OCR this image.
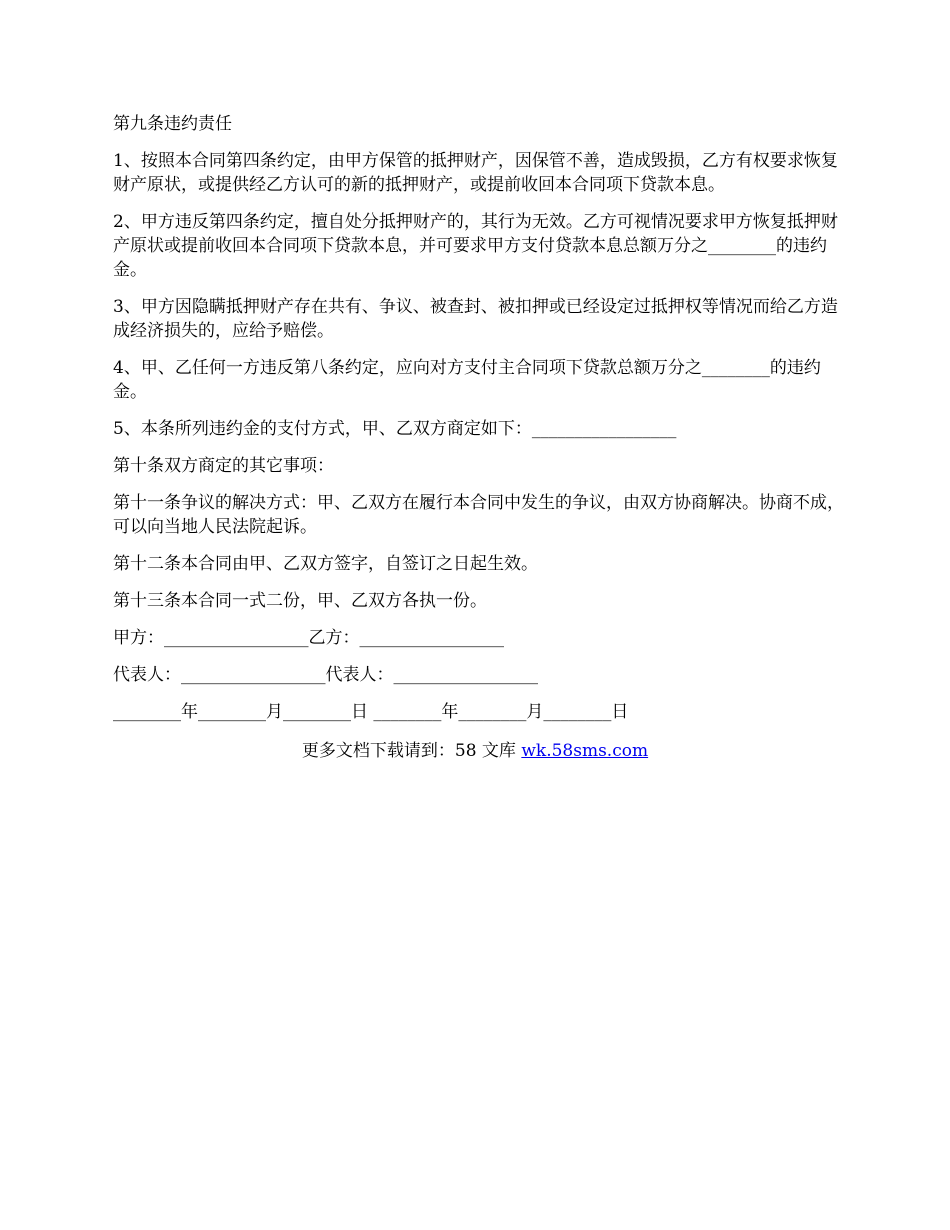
第九条违约责任

1、按照本合同第四条约定，由甲方保管的抵押财产，因保管不善，造成毁损，乙方有权要求恢复财产原状，或提供经乙方认可的新的抵押财产，或提前收回本合同项下贷款本息。

2、甲方违反第四条约定，擅自处分抵押财产的，其行为无效。乙方可视情况要求甲方恢复抵押财产原状或提前收回本合同项下贷款本息，并可要求甲方支付贷款本息总额万分之________的违约金。

3、甲方因隐瞒抵押财产存在共有、争议、被查封、被扣押或已经设定过抵押权等情况而给乙方造成经济损失的，应给予赔偿。

4、甲、乙任何一方违反第八条约定，应向对方支付主合同项下贷款总额万分之________的违约金。

5、本条所列违约金的支付方式，甲、乙双方商定如下：_________________

第十条双方商定的其它事项：

第十一条争议的解决方式：甲、乙双方在履行本合同中发生的争议，由双方协商解决。协商不成，可以向当地人民法院起诉。

第十二条本合同由甲、乙双方签字，自签订之日起生效。

第十三条本合同一式二份，甲、乙双方各执一份。

甲方：_________________乙方：_________________

代表人：_________________代表人：_________________

________年________月________日 ________年________月________日

更多文档下载请到：58 文库 wk.58sms.com
